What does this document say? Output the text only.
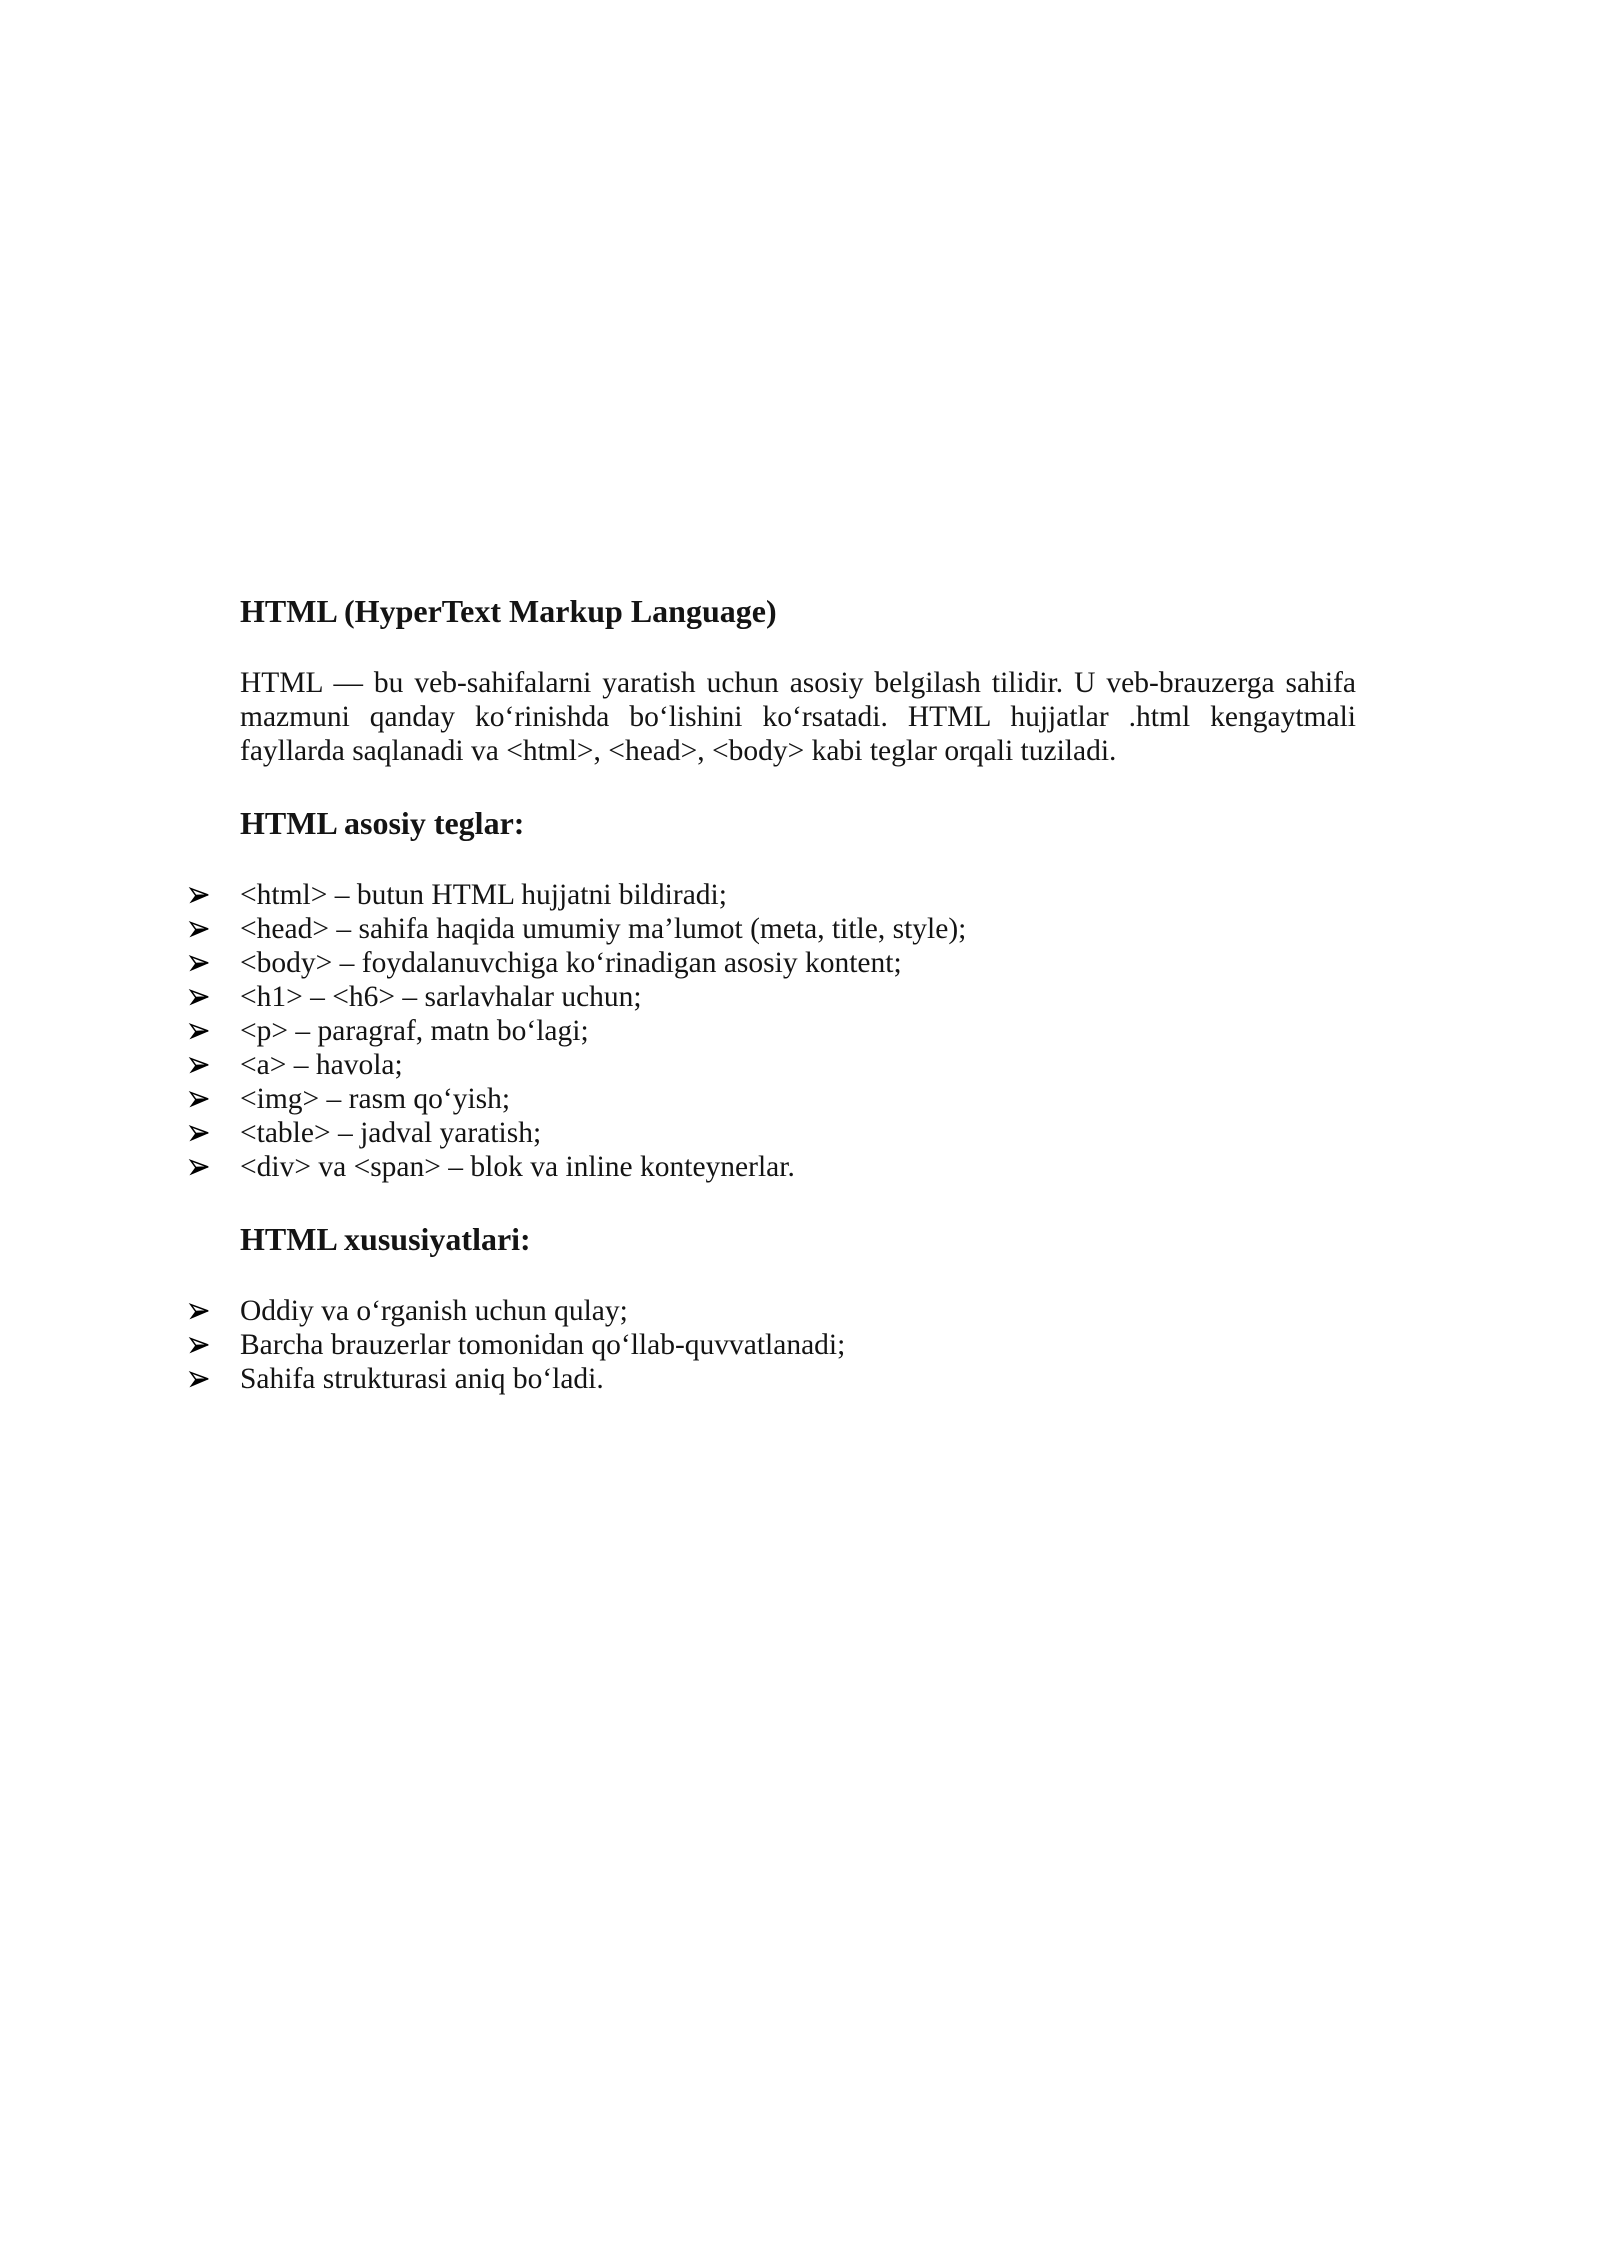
HTML (HyperText Markup Language)

HTML — bu veb-sahifalarni yaratish uchun asosiy belgilash tilidir. U veb-brauzerga sahifa mazmuni qanday ko‘rinishda bo‘lishini ko‘rsatadi. HTML hujjatlar .html kengaytmali fayllarda saqlanadi va <html>, <head>, <body> kabi teglar orqali tuziladi.

HTML asosiy teglar:
<html> – butun HTML hujjatni bildiradi;
<head> – sahifa haqida umumiy ma’lumot (meta, title, style);
<body> – foydalanuvchiga ko‘rinadigan asosiy kontent;
<h1> – <h6> – sarlavhalar uchun;
<p> – paragraf, matn bo‘lagi;
<a> – havola;
<img> – rasm qo‘yish;
<table> – jadval yaratish;
<div> va <span> – blok va inline konteynerlar.
HTML xususiyatlari:
Oddiy va o‘rganish uchun qulay;
Barcha brauzerlar tomonidan qo‘llab-quvvatlanadi;
Sahifa strukturasi aniq bo‘ladi.
